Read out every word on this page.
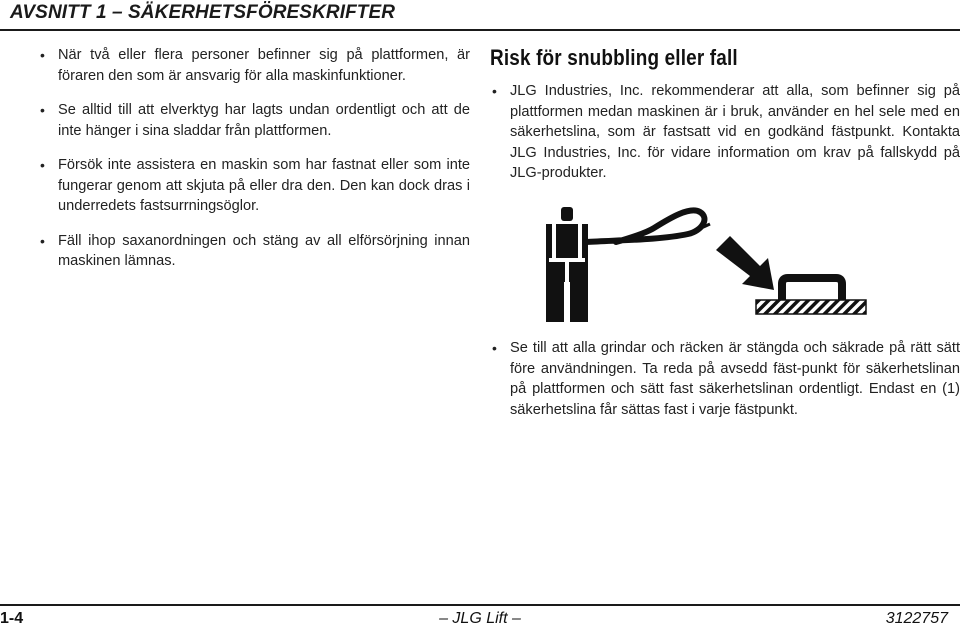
AVSNITT 1 – SÄKERHETSFÖRESKRIFTER
• När två eller flera personer befinner sig på plattformen, är föraren den som är ansvarig för alla maskinfunktioner.
• Se alltid till att elverktyg har lagts undan ordentligt och att de inte hänger i sina sladdar från plattformen.
• Försök inte assistera en maskin som har fastnat eller som inte fungerar genom att skjuta på eller dra den. Den kan dock dras i underredets fastsurrningsöglor.
• Fäll ihop saxanordningen och stäng av all elförsörjning innan maskinen lämnas.
Risk för snubbling eller fall
• JLG Industries, Inc. rekommenderar att alla, som befinner sig på plattformen medan maskinen är i bruk, använder en hel sele med en säkerhetslina, som är fastsatt vid en godkänd fästpunkt. Kontakta JLG Industries, Inc. för vidare information om krav på fallskydd på JLG-produkter.
• Se till att alla grindar och räcken är stängda och säkrade på rätt sätt före användningen. Ta reda på avsedd fäst-punkt för säkerhetslinan på plattformen och sätt fast säkerhetslinan ordentligt. Endast en (1) säkerhetslina får sättas fast i varje fästpunkt.
1-4	– JLG Lift –	3122757
